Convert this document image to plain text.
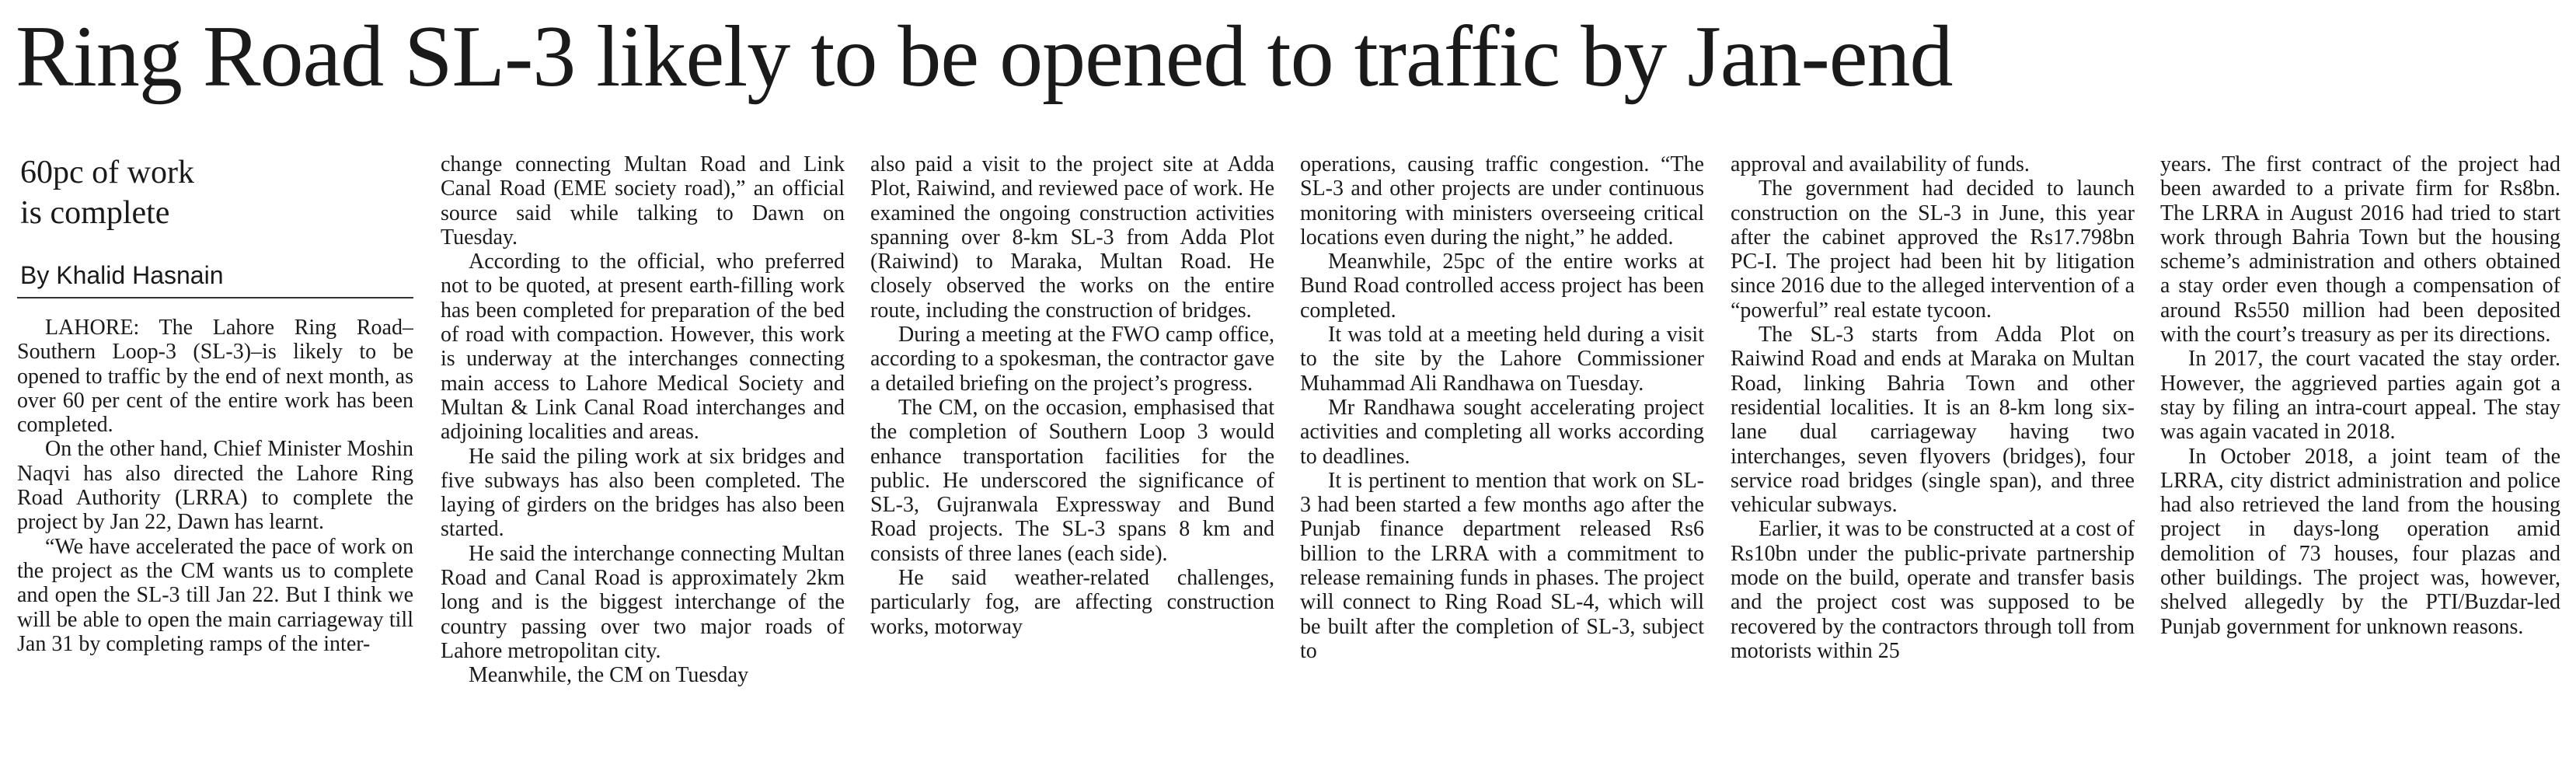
Ring Road SL-3 likely to be opened to traffic by Jan-end
60pc of work
is complete
By Khalid Hasnain

LAHORE: The Lahore Ring Road–Southern Loop-3 (SL-3)–is likely to be opened to traffic by the end of next month, as over 60 per cent of the entire work has been completed.

On the other hand, Chief Minister Moshin Naqvi has also directed the Lahore Ring Road Authority (LRRA) to complete the project by Jan 22, Dawn has learnt.

“We have accelerated the pace of work on the project as the CM wants us to complete and open the SL-3 till Jan 22. But I think we will be able to open the main carriageway till Jan 31 by completing ramps of the inter-

change connecting Multan Road and Link Canal Road (EME society road),” an official source said while talking to Dawn on Tuesday.

According to the official, who preferred not to be quoted, at present earth-filling work has been completed for preparation of the bed of road with compaction. However, this work is underway at the interchanges connecting main access to Lahore Medical Society and Multan & Link Canal Road interchanges and adjoining localities and areas.

He said the piling work at six bridges and five subways has also been completed. The laying of girders on the bridges has also been started.

He said the interchange connecting Multan Road and Canal Road is approximately 2km long and is the biggest interchange of the country passing over two major roads of Lahore metropolitan city.

Meanwhile, the CM on Tuesday

also paid a visit to the project site at Adda Plot, Raiwind, and reviewed pace of work. He examined the ongoing construction activities spanning over 8-km SL-3 from Adda Plot (Raiwind) to Maraka, Multan Road. He closely observed the works on the entire route, including the construction of bridges.

During a meeting at the FWO camp office, according to a spokesman, the contractor gave a detailed briefing on the project’s progress.

The CM, on the occasion, emphasised that the completion of Southern Loop 3 would enhance transportation facilities for the public. He underscored the significance of SL-3, Gujranwala Expressway and Bund Road projects. The SL-3 spans 8 km and consists of three lanes (each side).

He said weather-related challenges, particularly fog, are affecting construction works, motorway

operations, causing traffic congestion. “The SL-3 and other projects are under continuous monitoring with ministers overseeing critical locations even during the night,” he added.

Meanwhile, 25pc of the entire works at Bund Road controlled access project has been completed.

It was told at a meeting held during a visit to the site by the Lahore Commissioner Muhammad Ali Randhawa on Tuesday.

Mr Randhawa sought accelerating project activities and completing all works according to deadlines.

It is pertinent to mention that work on SL-3 had been started a few months ago after the Punjab finance department released Rs6 billion to the LRRA with a commitment to release remaining funds in phases. The project will connect to Ring Road SL-4, which will be built after the completion of SL-3, subject to

approval and availability of funds.

The government had decided to launch construction on the SL-3 in June, this year after the cabinet approved the Rs17.798bn PC-I. The project had been hit by litigation since 2016 due to the alleged intervention of a “powerful” real estate tycoon.

The SL-3 starts from Adda Plot on Raiwind Road and ends at Maraka on Multan Road, linking Bahria Town and other residential localities. It is an 8-km long six-lane dual carriageway having two interchanges, seven flyovers (bridges), four service road bridges (single span), and three vehicular subways.

Earlier, it was to be constructed at a cost of Rs10bn under the public-private partnership mode on the build, operate and transfer basis and the project cost was supposed to be recovered by the contractors through toll from motorists within 25

years. The first contract of the project had been awarded to a private firm for Rs8bn. The LRRA in August 2016 had tried to start work through Bahria Town but the housing scheme’s administration and others obtained a stay order even though a compensation of around Rs550 million had been deposited with the court’s treasury as per its directions.

In 2017, the court vacated the stay order. However, the aggrieved parties again got a stay by filing an intra-court appeal. The stay was again vacated in 2018.

In October 2018, a joint team of the LRRA, city district administration and police had also retrieved the land from the housing project in days-long operation amid demolition of 73 houses, four plazas and other buildings. The project was, however, shelved allegedly by the PTI/Buzdar-led Punjab government for unknown reasons.
